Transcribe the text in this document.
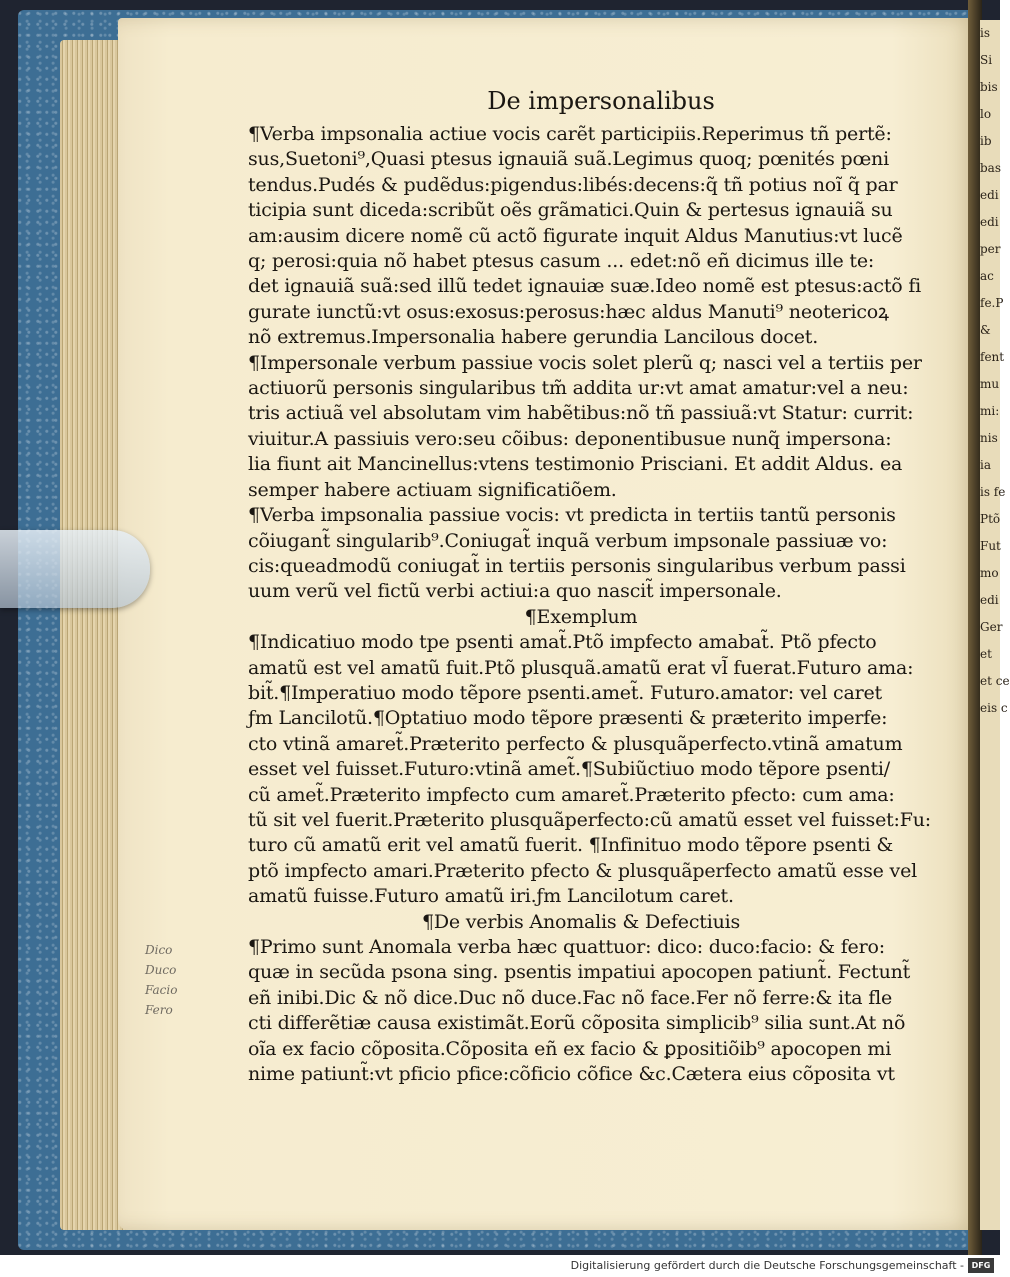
is
Si
bis
lo
ib
bas
edi
edi
per
ac
fe.P
&
fent
mu
mi:
nis
ia
is fe
Ptõ
Fut
mo
edi
Ger
et
et ce
eis c
De impersonalibus
¶Verba impsonalia actiue vocis carẽt participiis.Reperimus tñ pertẽ:
sus,Suetoni⁹,Quasi ptesus ignauiã suã.Legimus quoq; pœnités pœni
tendus.Pudés & pudẽdus:pigendus:libés:decens:q̃ tñ potius noĩ q̃ par
ticipia sunt diceda:scribũt oẽs grãmatici.Quin & pertesus ignauiã su
am:ausim dicere nomẽ cũ actõ figurate inquit Aldus Manutius:vt lucẽ
q; perosi:quia nõ habet ptesus casum ... edet:nõ eñ dicimus ille te:
det ignauiã suã:sed illũ tedet ignauiæ suæ.Ideo nomẽ est ptesus:actõ fi
gurate iunctũ:vt osus:exosus:perosus:hæc aldus Manuti⁹ neotericoꝝ
nõ extremus.Impersonalia habere gerundia Lancilous docet.
¶Impersonale verbum passiue vocis solet plerũ q; nasci vel a tertiis per
actiuorũ personis singularibus tm̃ addita ur:vt amat amatur:vel a neu:
tris actiuã vel absolutam vim habẽtibus:nõ tñ passiuã:vt Statur: currit:
viuitur.A passiuis vero:seu cõibus: deponentibusue nunq̃ impersona:
lia fiunt ait Mancinellus:vtens testimonio Prisciani. Et addit Aldus. ea
semper habere actiuam significatiõem.
¶Verba impsonalia passiue vocis: vt predicta in tertiis tantũ personis
cõiugant̃ singularib⁹.Coniugat̃ inquã verbum impsonale passiuæ vo:
cis:queadmodũ coniugat̃ in tertiis personis singularibus verbum passi
uum verũ vel fictũ verbi actiui:a quo nascit̃ impersonale.
¶Exemplum
¶Indicatiuo modo tpe psenti amat̃.Ptõ impfecto amabat̃. Ptõ pfecto
amatũ est vel amatũ fuit.Ptõ plusquã.amatũ erat vl̃ fuerat.Futuro ama:
bit̃.¶Imperatiuo modo tẽpore psenti.amet̃. Futuro.amator: vel caret
ƒm Lancilotũ.¶Optatiuo modo tẽpore præsenti & præterito imperfe:
cto vtinã amaret̃.Præterito perfecto & plusquãperfecto.vtinã amatum
esset vel fuisset.Futuro:vtinã amet̃.¶Subiũctiuo modo tẽpore psenti/
cũ amet̃.Præterito impfecto cum amaret̃.Præterito pfecto: cum ama:
tũ sit vel fuerit.Præterito plusquãperfecto:cũ amatũ esset vel fuisset:Fu:
turo cũ amatũ erit vel amatũ fuerit. ¶Infinituo modo tẽpore psenti &
ptõ impfecto amari.Præterito pfecto & plusquãperfecto amatũ esse vel
amatũ fuisse.Futuro amatũ iri.ƒm Lancilotum caret.
¶De verbis Anomalis & Defectiuis
¶Primo sunt Anomala verba hæc quattuor: dico: duco:facio: & fero:
quæ in secũda psona sing. psentis impatiui apocopen patiunt̃. Fectunt̃
eñ inibi.Dic & nõ dice.Duc nõ duce.Fac nõ face.Fer nõ ferre:& ita fle
cti differẽtiæ causa existimãt.Eorũ cõposita simplicib⁹ silia sunt.At nõ
oĩa ex facio cõposita.Cõposita eñ ex facio & ꝑpositiõib⁹ apocopen mi
nime patiunt̃:vt pficio pfice:cõficio cõfice &c.Cætera eius cõposita vt
Dico
Duco
Facio
Fero
Digitalisierung gefördert durch die Deutsche Forschungsgemeinschaft - DFG
